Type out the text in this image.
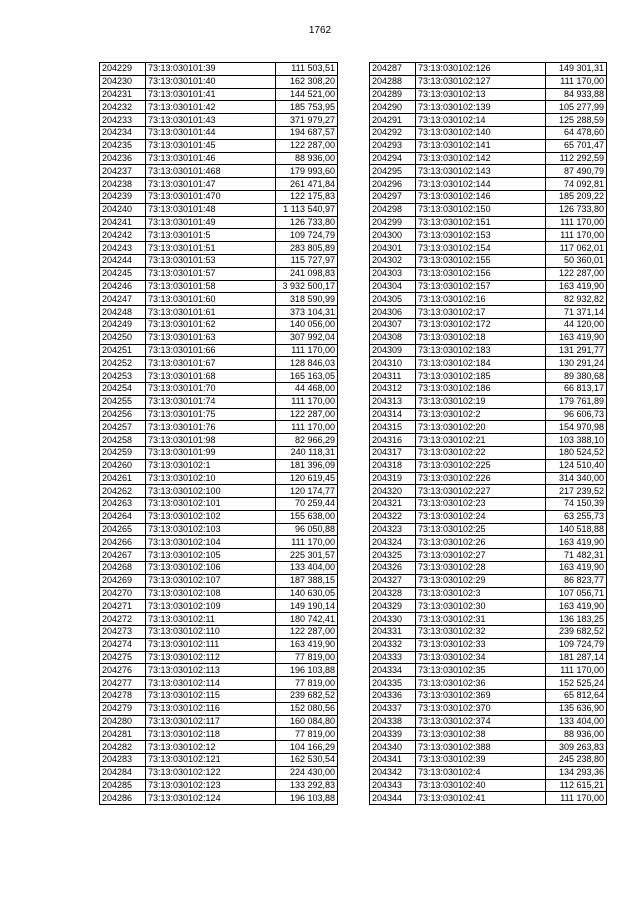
1762
204229	73:13:030101:39	111 503,51
204230	73:13:030101:40	162 308,20
204231	73:13:030101:41	144 521,00
204232	73:13:030101:42	185 753,95
204233	73:13:030101:43	371 979,27
204234	73:13:030101:44	194 687,57
204235	73:13:030101:45	122 287,00
204236	73:13:030101:46	88 936,00
204237	73:13:030101:468	179 993,60
204238	73:13:030101:47	261 471,84
204239	73:13:030101:470	122 175,83
204240	73:13:030101:48	1 113 540,97
204241	73:13:030101:49	126 733,80
204242	73:13:030101:5	109 724,79
204243	73:13:030101:51	283 805,89
204244	73:13:030101:53	115 727,97
204245	73:13:030101:57	241 098,83
204246	73:13:030101:58	3 932 500,17
204247	73:13:030101:60	318 590,99
204248	73:13:030101:61	373 104,31
204249	73:13:030101:62	140 056,00
204250	73:13:030101:63	307 992,04
204251	73:13:030101:66	111 170,00
204252	73:13:030101:67	128 846,03
204253	73:13:030101:68	165 163,05
204254	73:13:030101:70	44 468,00
204255	73:13:030101:74	111 170,00
204256	73:13:030101:75	122 287,00
204257	73:13:030101:76	111 170,00
204258	73:13:030101:98	82 966,29
204259	73:13:030101:99	240 118,31
204260	73:13:030102:1	181 396,09
204261	73:13:030102:10	120 619,45
204262	73:13:030102:100	120 174,77
204263	73:13:030102:101	70 259,44
204264	73:13:030102:102	155 638,00
204265	73:13:030102:103	96 050,88
204266	73:13:030102:104	111 170,00
204267	73:13:030102:105	225 301,57
204268	73:13:030102:106	133 404,00
204269	73:13:030102:107	187 388,15
204270	73:13:030102:108	140 630,05
204271	73:13:030102:109	149 190,14
204272	73:13:030102:11	180 742,41
204273	73:13:030102:110	122 287,00
204274	73:13:030102:111	163 419,90
204275	73:13:030102:112	77 819,00
204276	73:13:030102:113	196 103,88
204277	73:13:030102:114	77 819,00
204278	73:13:030102:115	239 682,52
204279	73:13:030102:116	152 080,56
204280	73:13:030102:117	160 084,80
204281	73:13:030102:118	77 819,00
204282	73:13:030102:12	104 166,29
204283	73:13:030102:121	162 530,54
204284	73:13:030102:122	224 430,00
204285	73:13:030102:123	133 292,83
204286	73:13:030102:124	196 103,88
204287	73:13:030102:126	149 301,31
204288	73:13:030102:127	111 170,00
204289	73:13:030102:13	84 933,88
204290	73:13:030102:139	105 277,99
204291	73:13:030102:14	125 288,59
204292	73:13:030102:140	64 478,60
204293	73:13:030102:141	65 701,47
204294	73:13:030102:142	112 292,59
204295	73:13:030102:143	87 490,79
204296	73:13:030102:144	74 092,81
204297	73:13:030102:146	185 209,22
204298	73:13:030102:150	126 733,80
204299	73:13:030102:151	111 170,00
204300	73:13:030102:153	111 170,00
204301	73:13:030102:154	117 062,01
204302	73:13:030102:155	50 360,01
204303	73:13:030102:156	122 287,00
204304	73:13:030102:157	163 419,90
204305	73:13:030102:16	82 932,82
204306	73:13:030102:17	71 371,14
204307	73:13:030102:172	44 120,00
204308	73:13:030102:18	163 419,90
204309	73:13:030102:183	131 291,77
204310	73:13:030102:184	130 291,24
204311	73:13:030102:185	89 380,68
204312	73:13:030102:186	66 813,17
204313	73:13:030102:19	179 761,89
204314	73:13:030102:2	96 606,73
204315	73:13:030102:20	154 970,98
204316	73:13:030102:21	103 388,10
204317	73:13:030102:22	180 524,52
204318	73:13:030102:225	124 510,40
204319	73:13:030102:226	314 340,00
204320	73:13:030102:227	217 239,52
204321	73:13:030102:23	74 150,39
204322	73:13:030102:24	63 255,73
204323	73:13:030102:25	140 518,88
204324	73:13:030102:26	163 419,90
204325	73:13:030102:27	71 482,31
204326	73:13:030102:28	163 419,90
204327	73:13:030102:29	86 823,77
204328	73:13:030102:3	107 056,71
204329	73:13:030102:30	163 419,90
204330	73:13:030102:31	136 183,25
204331	73:13:030102:32	239 682,52
204332	73:13:030102:33	109 724,79
204333	73:13:030102:34	181 287,14
204334	73:13:030102:35	111 170,00
204335	73:13:030102:36	152 525,24
204336	73:13:030102:369	65 812,64
204337	73:13:030102:370	135 636,90
204338	73:13:030102:374	133 404,00
204339	73:13:030102:38	88 936,00
204340	73:13:030102:388	309 263,83
204341	73:13:030102:39	245 238,80
204342	73:13:030102:4	134 293,36
204343	73:13:030102:40	112 615,21
204344	73:13:030102:41	111 170,00
